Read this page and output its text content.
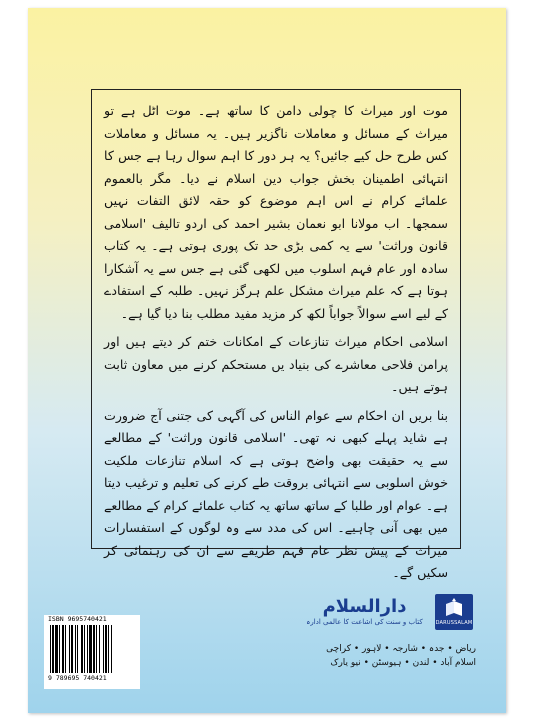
موت اور میراث کا چولی دامن کا ساتھ ہے۔ موت اٹل ہے تو میراث کے مسائل و معاملات ناگزیر ہیں۔ یہ مسائل و معاملات کس طرح حل کیے جائیں؟ یہ ہر دور کا اہم سوال رہا ہے جس کا انتہائی اطمینان بخش جواب دین اسلام نے دیا۔ مگر بالعموم علمائے کرام نے اس اہم موضوع کو حقہ لائق التفات نہیں سمجھا۔ اب مولانا ابو نعمان بشیر احمد کی اردو تالیف 'اسلامی قانون وراثت' سے یہ کمی بڑی حد تک پوری ہوتی ہے۔ یہ کتاب سادہ اور عام فہم اسلوب میں لکھی گئی ہے جس سے یہ آشکارا ہوتا ہے کہ علم میراث مشکل علم ہرگز نہیں۔ طلبہ کے استفادے کے لیے اسے سوالاً جواباً لکھ کر مزید مفید مطلب بنا دیا گیا ہے۔

اسلامی احکام میراث تنازعات کے امکانات ختم کر دیتے ہیں اور پرامن فلاحی معاشرے کی بنیاد یں مستحکم کرنے میں معاون ثابت ہوتے ہیں۔

بنا بریں ان احکام سے عوام الناس کی آگہی کی جتنی آج ضرورت ہے شاید پہلے کبھی نہ تھی۔ 'اسلامی قانون وراثت' کے مطالعے سے یہ حقیقت بھی واضح ہوتی ہے کہ اسلام تنازعات ملکیت خوش اسلوبی سے انتہائی بروقت طے کرنے کی تعلیم و ترغیب دیتا ہے۔ عوام اور طلبا کے ساتھ ساتھ یہ کتاب علمائے کرام کے مطالعے میں بھی آنی چاہیے۔ اس کی مدد سے وہ لوگوں کے استفسارات میراث کے پیش نظر عام فہم طریقے سے ان کی رہنمائی کر سکیں گے۔

DARUSSALAM
دارالسلام
کتاب و سنت کی اشاعت کا عالمی ادارہ
ریاض • جدہ • شارجہ • لاہور • کراچی
اسلام آباد • لندن • ہیوسٹن • نیو یارک
ISBN 9695740421
9 789695 740421
